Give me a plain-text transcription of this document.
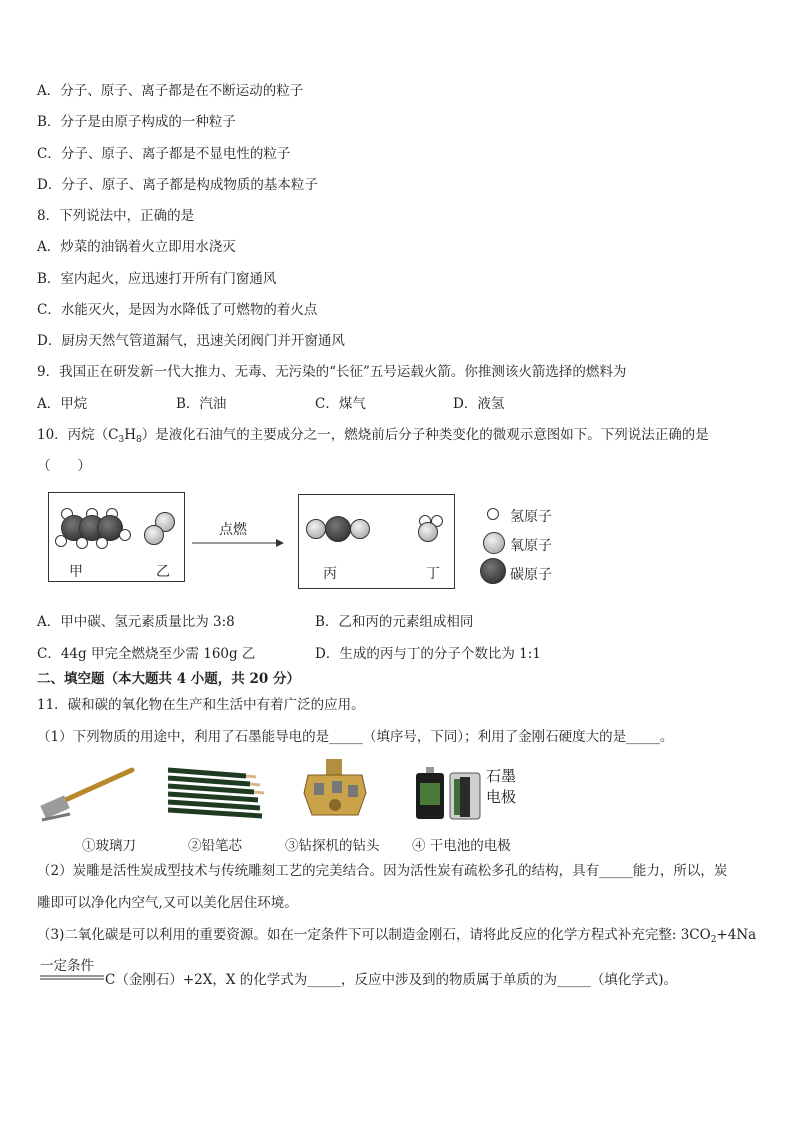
A．分子、原子、离子都是在不断运动的粒子
B．分子是由原子构成的一种粒子
C．分子、原子、离子都是不显电性的粒子
D．分子、原子、离子都是构成物质的基本粒子
8．下列说法中，正确的是
A．炒菜的油锅着火立即用水浇灭
B．室内起火，应迅速打开所有门窗通风
C．水能灭火，是因为水降低了可燃物的着火点
D．厨房天然气管道漏气，迅速关闭阀门并开窗通风
9．我国正在研发新一代大推力、无毒、无污染的“长征”五号运载火箭。你推测该火箭选择的燃料为
A．甲烷	B．汽油	C．煤气	D．液氢
10．丙烷$(C_3H_8)$是液化石油气的主要成分之一，燃烧前后分子种类变化的微观示意图如下。下列说法正确的是
（　　）
甲	乙
点燃
丙	丁
氢原子
氧原子
碳原子
A．甲中碳、氢元素质量比为 3:8	B．乙和丙的元素组成相同
C．44g 甲完全燃烧至少需 160g 乙	D．生成的丙与丁的分子个数比为 1:1
二、填空题（本大题共 4 小题，共 20 分）
11．碳和碳的氧化物在生产和生活中有着广泛的应用。
（1）下列物质的用途中，利用了石墨能导电的是_____（填序号，下同）；利用了金刚石硬度大的是_____。
石墨
电极
①玻璃刀	②铅笔芯	③钻探机的钻头 ④ 干电池的电极
（2）炭雕是活性炭成型技术与传统雕刻工艺的完美结合。因为活性炭有疏松多孔的结构，具有_____能力，所以，炭
雕即可以净化内空气,又可以美化居住环境。
（3)二氧化碳是可以利用的重要资源。如在一定条件下可以制造金刚石，请将此反应的化学方程式补充完整: $3CO_2+4Na$
一定条件
C（金刚石）+2X，X 的化学式为_____，反应中涉及到的物质属于单质的为_____（填化学式)。
